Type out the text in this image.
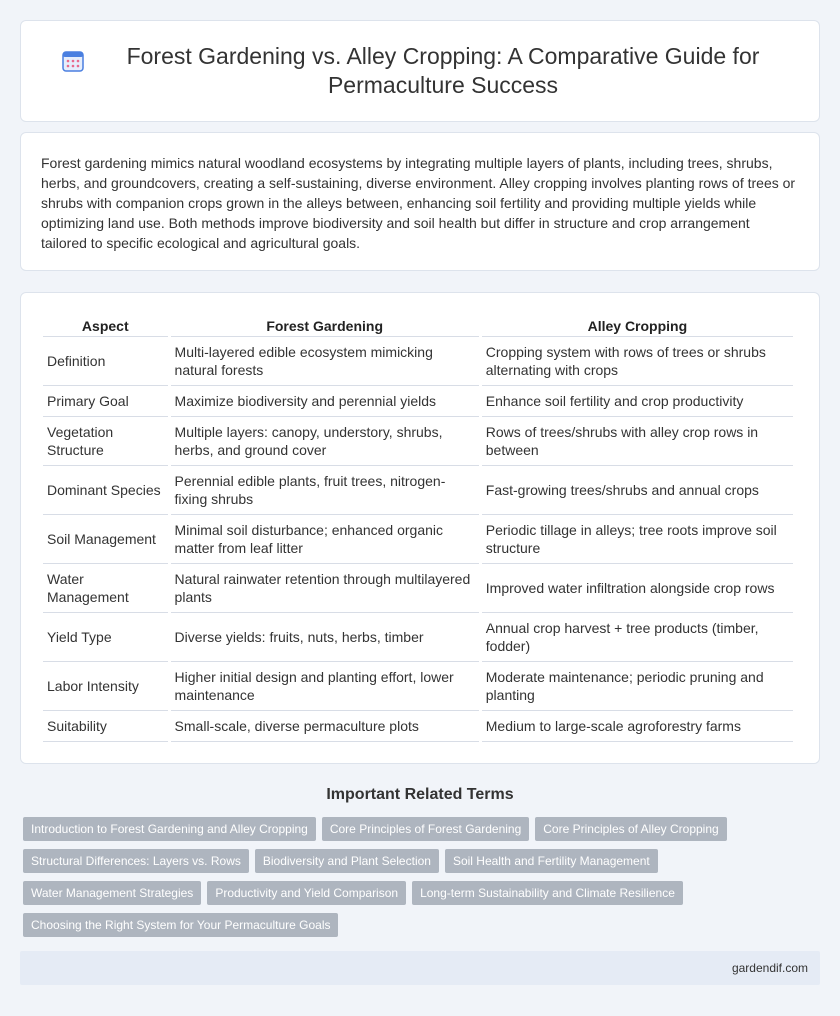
Forest Gardening vs. Alley Cropping: A Comparative Guide for Permaculture Success

Forest gardening mimics natural woodland ecosystems by integrating multiple layers of plants, including trees, shrubs, herbs, and groundcovers, creating a self-sustaining, diverse environment. Alley cropping involves planting rows of trees or shrubs with companion crops grown in the alleys between, enhancing soil fertility and providing multiple yields while optimizing land use. Both methods improve biodiversity and soil health but differ in structure and crop arrangement tailored to specific ecological and agricultural goals.

Aspect	Forest Gardening	Alley Cropping
Definition	Multi-layered edible ecosystem mimicking natural forests	Cropping system with rows of trees or shrubs alternating with crops
Primary Goal	Maximize biodiversity and perennial yields	Enhance soil fertility and crop productivity
Vegetation Structure	Multiple layers: canopy, understory, shrubs, herbs, and ground cover	Rows of trees/shrubs with alley crop rows in between
Dominant Species	Perennial edible plants, fruit trees, nitrogen-fixing shrubs	Fast-growing trees/shrubs and annual crops
Soil Management	Minimal soil disturbance; enhanced organic matter from leaf litter	Periodic tillage in alleys; tree roots improve soil structure
Water Management	Natural rainwater retention through multilayered plants	Improved water infiltration alongside crop rows
Yield Type	Diverse yields: fruits, nuts, herbs, timber	Annual crop harvest + tree products (timber, fodder)
Labor Intensity	Higher initial design and planting effort, lower maintenance	Moderate maintenance; periodic pruning and planting
Suitability	Small-scale, diverse permaculture plots	Medium to large-scale agroforestry farms
Important Related Terms
Introduction to Forest Gardening and Alley Cropping	Core Principles of Forest Gardening	Core Principles of Alley Cropping
Structural Differences: Layers vs. Rows	Biodiversity and Plant Selection	Soil Health and Fertility Management
Water Management Strategies	Productivity and Yield Comparison	Long-term Sustainability and Climate Resilience
Choosing the Right System for Your Permaculture Goals
gardendif.com
